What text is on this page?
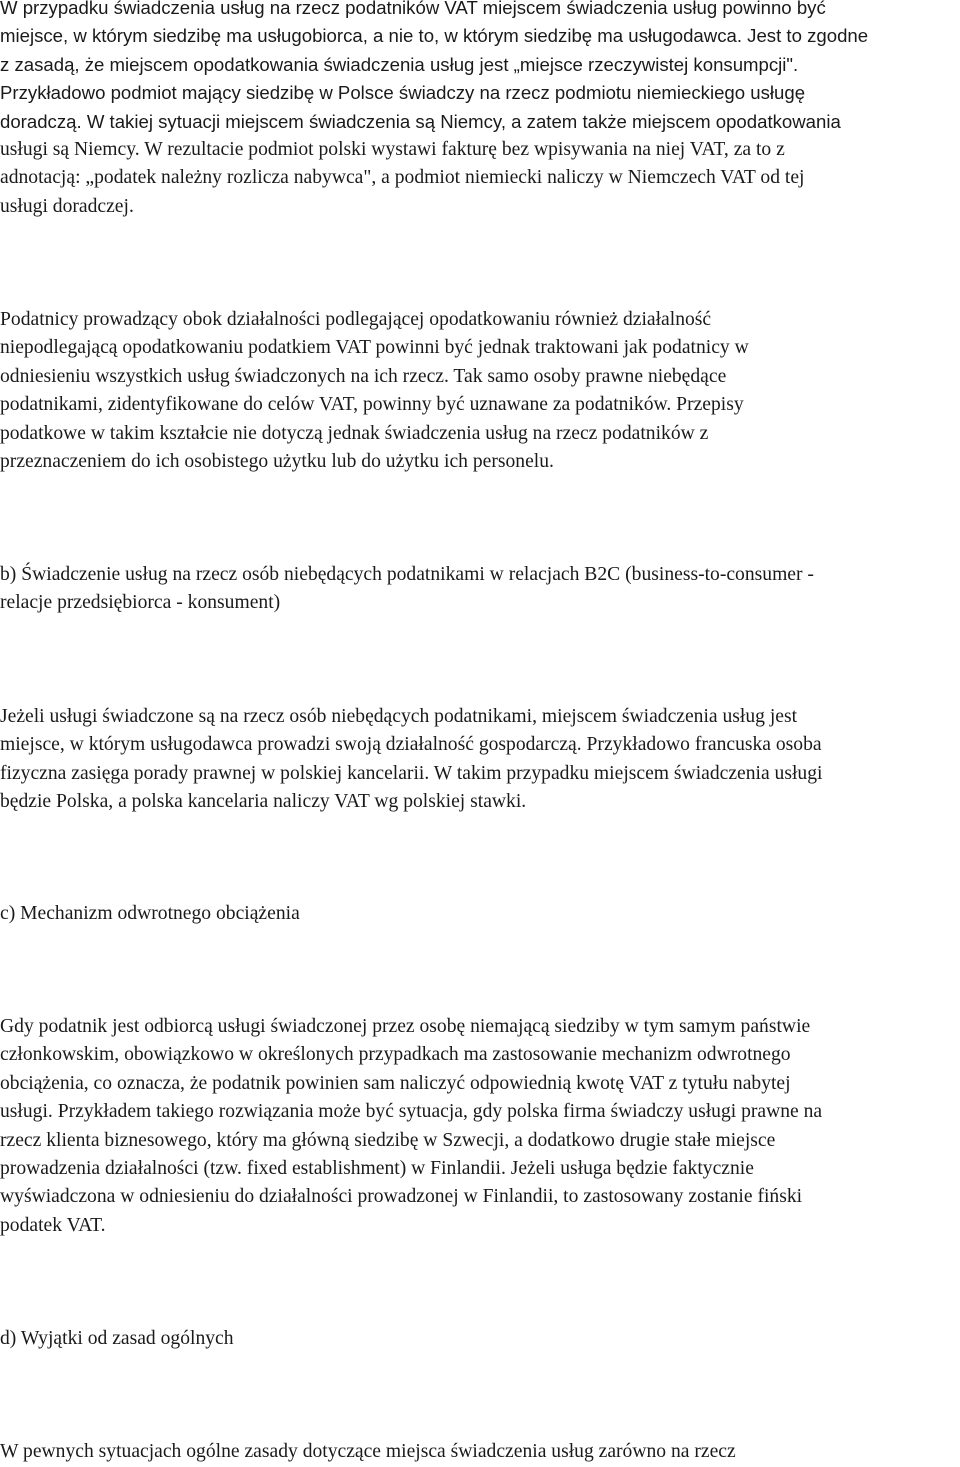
W przypadku świadczenia usług na rzecz podatników VAT miejscem świadczenia usług powinno być
miejsce, w którym siedzibę ma usługobiorca, a nie to, w którym siedzibę ma usługodawca. Jest to zgodne
z zasadą, że miejscem opodatkowania świadczenia usług jest „miejsce rzeczywistej konsumpcji".
Przykładowo podmiot mający siedzibę w Polsce świadczy na rzecz podmiotu niemieckiego usługę
doradczą. W takiej sytuacji miejscem świadczenia są Niemcy, a zatem także miejscem opodatkowania
usługi są Niemcy. W rezultacie podmiot polski wystawi fakturę bez wpisywania na niej VAT, za to z
adnotacją: „podatek należny rozlicza nabywca", a podmiot niemiecki naliczy w Niemczech VAT od tej
usługi doradczej.
Podatnicy prowadzący obok działalności podlegającej opodatkowaniu również działalność
niepodlegającą opodatkowaniu podatkiem VAT powinni być jednak traktowani jak podatnicy w
odniesieniu wszystkich usług świadczonych na ich rzecz. Tak samo osoby prawne niebędące
podatnikami, zidentyfikowane do celów VAT, powinny być uznawane za podatników. Przepisy
podatkowe w takim kształcie nie dotyczą jednak świadczenia usług na rzecz podatników z
przeznaczeniem do ich osobistego użytku lub do użytku ich personelu.
b) Świadczenie usług na rzecz osób niebędących podatnikami w relacjach B2C (business-to-consumer -
relacje przedsiębiorca - konsument)
Jeżeli usługi świadczone są na rzecz osób niebędących podatnikami, miejscem świadczenia usług jest
miejsce, w którym usługodawca prowadzi swoją działalność gospodarczą. Przykładowo francuska osoba
fizyczna zasięga porady prawnej w polskiej kancelarii. W takim przypadku miejscem świadczenia usługi
będzie Polska, a polska kancelaria naliczy VAT wg polskiej stawki.
c) Mechanizm odwrotnego obciążenia
Gdy podatnik jest odbiorcą usługi świadczonej przez osobę niemającą siedziby w tym samym państwie
członkowskim, obowiązkowo w określonych przypadkach ma zastosowanie mechanizm odwrotnego
obciążenia, co oznacza, że podatnik powinien sam naliczyć odpowiednią kwotę VAT z tytułu nabytej
usługi. Przykładem takiego rozwiązania może być sytuacja, gdy polska firma świadczy usługi prawne na
rzecz klienta biznesowego, który ma główną siedzibę w Szwecji, a dodatkowo drugie stałe miejsce
prowadzenia działalności (tzw. fixed establishment) w Finlandii. Jeżeli usługa będzie faktycznie
wyświadczona w odniesieniu do działalności prowadzonej w Finlandii, to zastosowany zostanie fiński
podatek VAT.
d) Wyjątki od zasad ogólnych
W pewnych sytuacjach ogólne zasady dotyczące miejsca świadczenia usług zarówno na rzecz
